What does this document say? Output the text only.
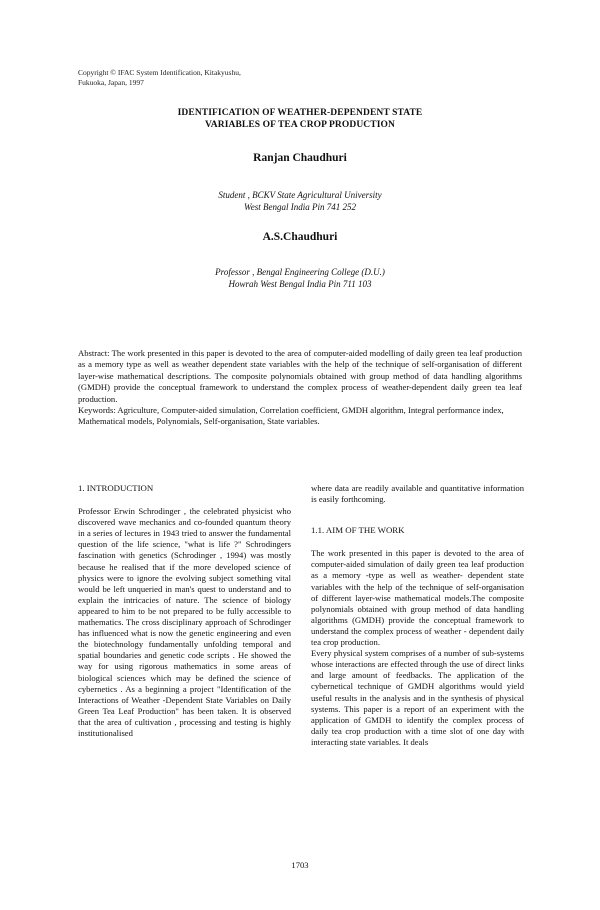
Copyright © IFAC System Identification, Kitakyushu,
Fukuoka, Japan, 1997
IDENTIFICATION OF WEATHER-DEPENDENT STATE
VARIABLES OF TEA CROP PRODUCTION
Ranjan Chaudhuri
Student , BCKV State Agricultural University
West Bengal India Pin 741 252
A.S.Chaudhuri
Professor , Bengal Engineering College (D.U.)
Howrah West Bengal India Pin 711 103
Abstract: The work presented in this paper is devoted to the area of computer-aided modelling of daily green tea leaf production as a memory type as well as weather dependent state variables with the help of the technique of self-organisation of different layer-wise mathematical descriptions. The composite polynomials obtained with group method of data handling algorithms (GMDH) provide the conceptual framework to understand the complex process of weather-dependent daily green tea leaf production.
Keywords: Agriculture, Computer-aided simulation, Correlation coefficient, GMDH algorithm, Integral performance index, Mathematical models, Polynomials, Self-organisation, State variables.

1. INTRODUCTION

Professor Erwin Schrodinger , the celebrated physicist who discovered wave mechanics and co-founded quantum theory in a series of lectures in 1943 tried to answer the fundamental question of the life science, "what is life ?" Schrodingers fascination with genetics (Schrodinger , 1994) was mostly because he realised that if the more developed science of physics were to ignore the evolving subject something vital would be left unqueried in man's quest to understand and to explain the intricacies of nature. The science of biology appeared to him to be not prepared to be fully accessible to mathematics. The cross disciplinary approach of Schrodinger has influenced what is now the genetic engineering and even the biotechnology fundamentally unfolding temporal and spatial boundaries and genetic code scripts . He showed the way for using rigorous mathematics in some areas of biological sciences which may be defined the science of cybernetics . As a beginning a project "Identification of the Interactions of Weather -Dependent State Variables on Daily Green Tea Leaf Production" has been taken. It is observed that the area of cultivation , processing and testing is highly institutionalised

where data are readily available and quantitative information is easily forthcoming.

1.1. AIM OF THE WORK

The work presented in this paper is devoted to the area of computer-aided simulation of daily green tea leaf production as a memory -type as well as weather- dependent state variables with the help of the technique of self-organisation of different layer-wise mathematical models.The composite polynomials obtained with group method of data handling algorithms (GMDH) provide the conceptual framework to understand the complex process of weather - dependent daily tea crop production.

Every physical system comprises of a number of sub-systems whose interactions are effected through the use of direct links and large amount of feedbacks. The application of the cybernetical technique of GMDH algorithms would yield useful results in the analysis and in the synthesis of physical systems. This paper is a report of an experiment with the application of GMDH to identify the complex process of daily tea crop production with a time slot of one day with interacting state variables. It deals

1703
